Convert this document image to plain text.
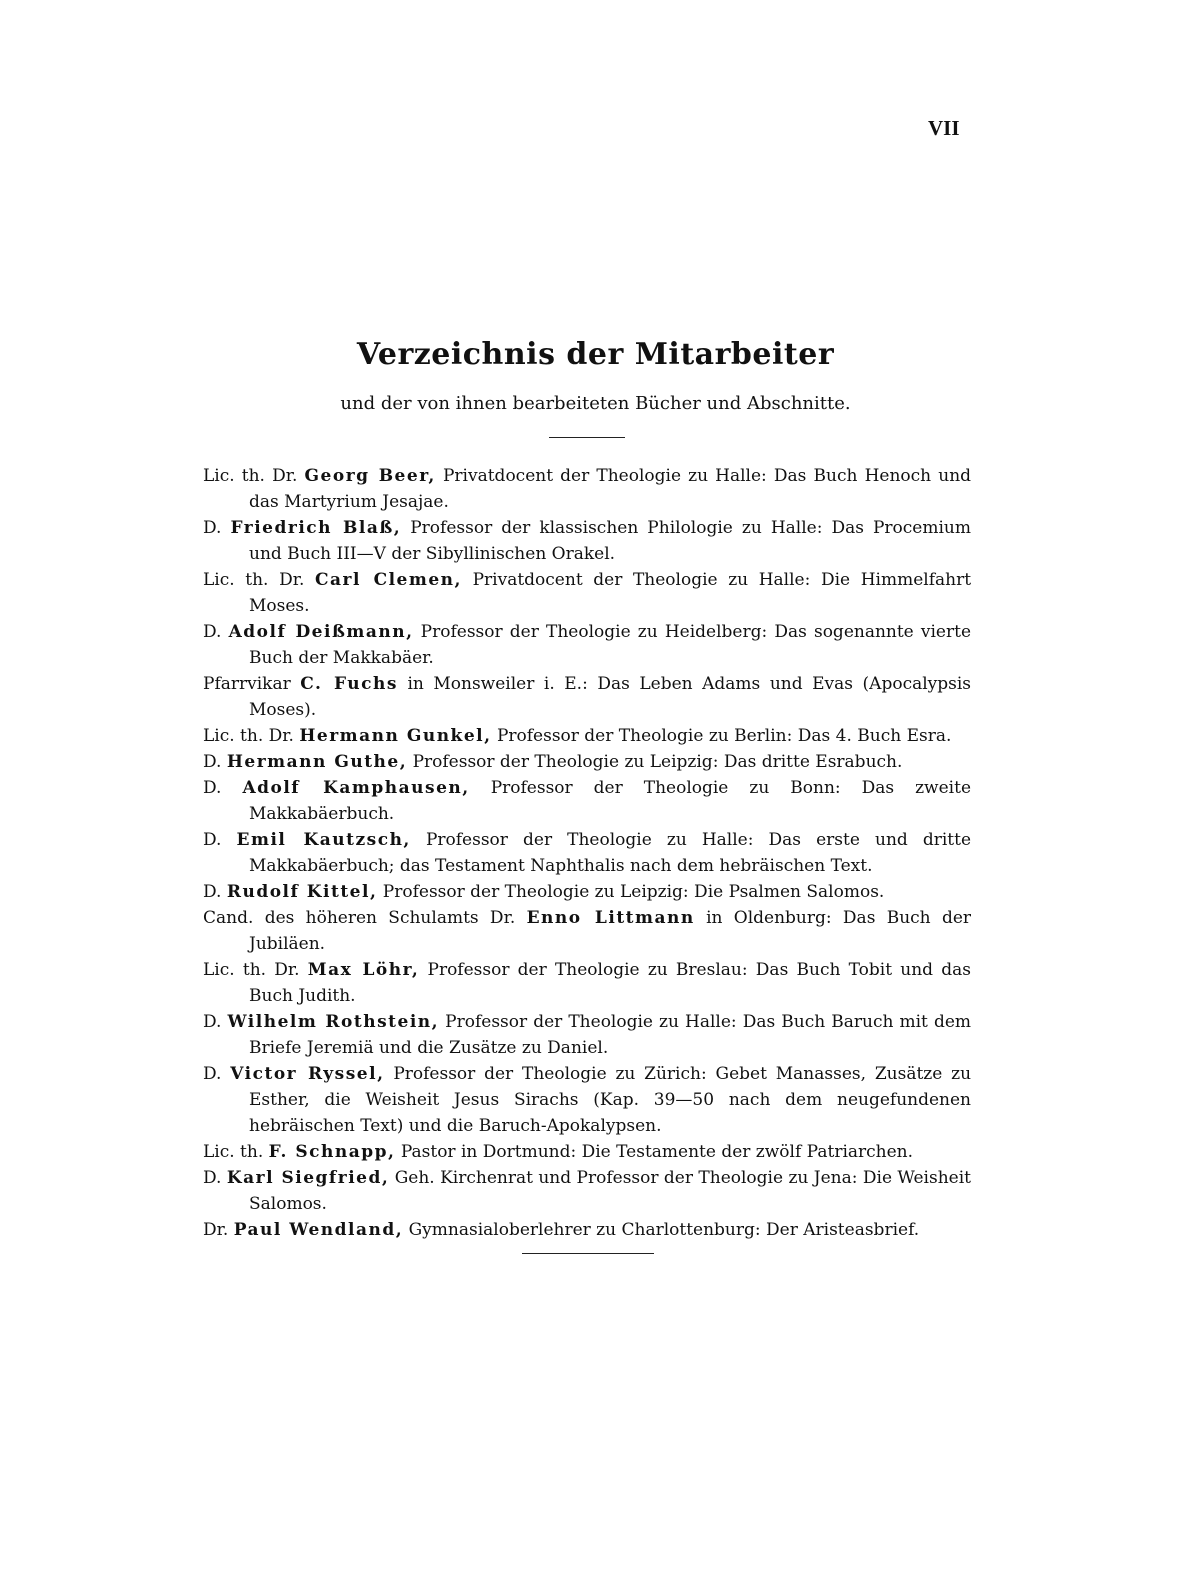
VII
Verzeichnis der Mitarbeiter
und der von ihnen bearbeiteten Bücher und Abschnitte.
Lic. th. Dr. Georg Beer, Privatdocent der Theologie zu Halle: Das Buch Henoch und das Martyrium Jesajae.
D. Friedrich Blaß, Professor der klassischen Philologie zu Halle: Das Procemium und Buch III—V der Sibyllinischen Orakel.
Lic. th. Dr. Carl Clemen, Privatdocent der Theologie zu Halle: Die Himmelfahrt Moses.
D. Adolf Deißmann, Professor der Theologie zu Heidelberg: Das sogenannte vierte Buch der Makkabäer.
Pfarrvikar C. Fuchs in Monsweiler i. E.: Das Leben Adams und Evas (Apocalypsis Moses).
Lic. th. Dr. Hermann Gunkel, Professor der Theologie zu Berlin: Das 4. Buch Esra.
D. Hermann Guthe, Professor der Theologie zu Leipzig: Das dritte Esrabuch.
D. Adolf Kamphausen, Professor der Theologie zu Bonn: Das zweite Makkabäerbuch.
D. Emil Kautzsch, Professor der Theologie zu Halle: Das erste und dritte Makkabäerbuch; das Testament Naphthalis nach dem hebräischen Text.
D. Rudolf Kittel, Professor der Theologie zu Leipzig: Die Psalmen Salomos.
Cand. des höheren Schulamts Dr. Enno Littmann in Oldenburg: Das Buch der Jubiläen.
Lic. th. Dr. Max Löhr, Professor der Theologie zu Breslau: Das Buch Tobit und das Buch Judith.
D. Wilhelm Rothstein, Professor der Theologie zu Halle: Das Buch Baruch mit dem Briefe Jeremiä und die Zusätze zu Daniel.
D. Victor Ryssel, Professor der Theologie zu Zürich: Gebet Manasses, Zusätze zu Esther, die Weisheit Jesus Sirachs (Kap. 39—50 nach dem neugefundenen hebräischen Text) und die Baruch-Apokalypsen.
Lic. th. F. Schnapp, Pastor in Dortmund: Die Testamente der zwölf Patriarchen.
D. Karl Siegfried, Geh. Kirchenrat und Professor der Theologie zu Jena: Die Weisheit Salomos.
Dr. Paul Wendland, Gymnasialoberlehrer zu Charlottenburg: Der Aristeasbrief.
